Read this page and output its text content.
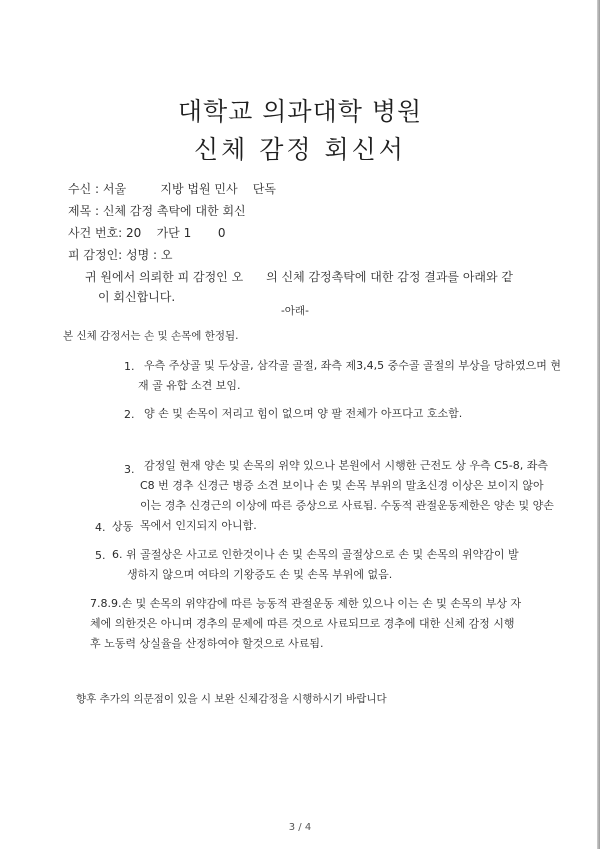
대학교 의과대학 병원
신체 감정 회신서
수신 : 서울         지방 법원 민사    단독
제목 : 신체 감정 촉탁에 대한 회신
사건 번호: 20    가단 1       0
피 감정인: 성명 : 오
귀 원에서 의뢰한 피 감정인 오      의 신체 감정촉탁에 대한 감정 결과를 아래와 같
이 회신합니다.
-아래-
본 신체 감정서는 손 및 손목에 한정됨.
1. 우측 주상골 및 두상골, 삼각골 골절, 좌측 제3,4,5 중수골 골절의 부상을 당하였으며 현
재 골 유합 소견 보임.
2. 양 손 및 손목이 저리고 힘이 없으며 양 팔 전체가 아프다고 호소함.
3. 감정일 현재 양손 및 손목의 위약 있으나 본원에서 시행한 근전도 상 우측 C5-8, 좌측
C8 번 경추 신경근 병증 소견 보이나 손 및 손목 부위의 말초신경 이상은 보이지 않아
이는 경추 신경근의 이상에 따른 증상으로 사료됨. 수동적 관절운동제한은 양손 및 양손
목에서 인지되지 아니함.
4. 상동
5. 6. 위 골절상은 사고로 인한것이나 손 및 손목의 골절상으로 손 및 손목의 위약감이 발
생하지 않으며 여타의 기왕증도 손 및 손목 부위에 없음.
7.8.9.손 및 손목의 위약감에 따른 능동적 관절운동 제한 있으나 이는 손 및 손목의 부상 자
체에 의한것은 아니며 경추의 문제에 따른 것으로 사료되므로 경추에 대한 신체 감정 시행
후 노동력 상실율을 산정하여야 할것으로 사료됨.
향후 추가의 의문점이 있을 시 보완 신체감정을 시행하시기 바랍니다
3 / 4
